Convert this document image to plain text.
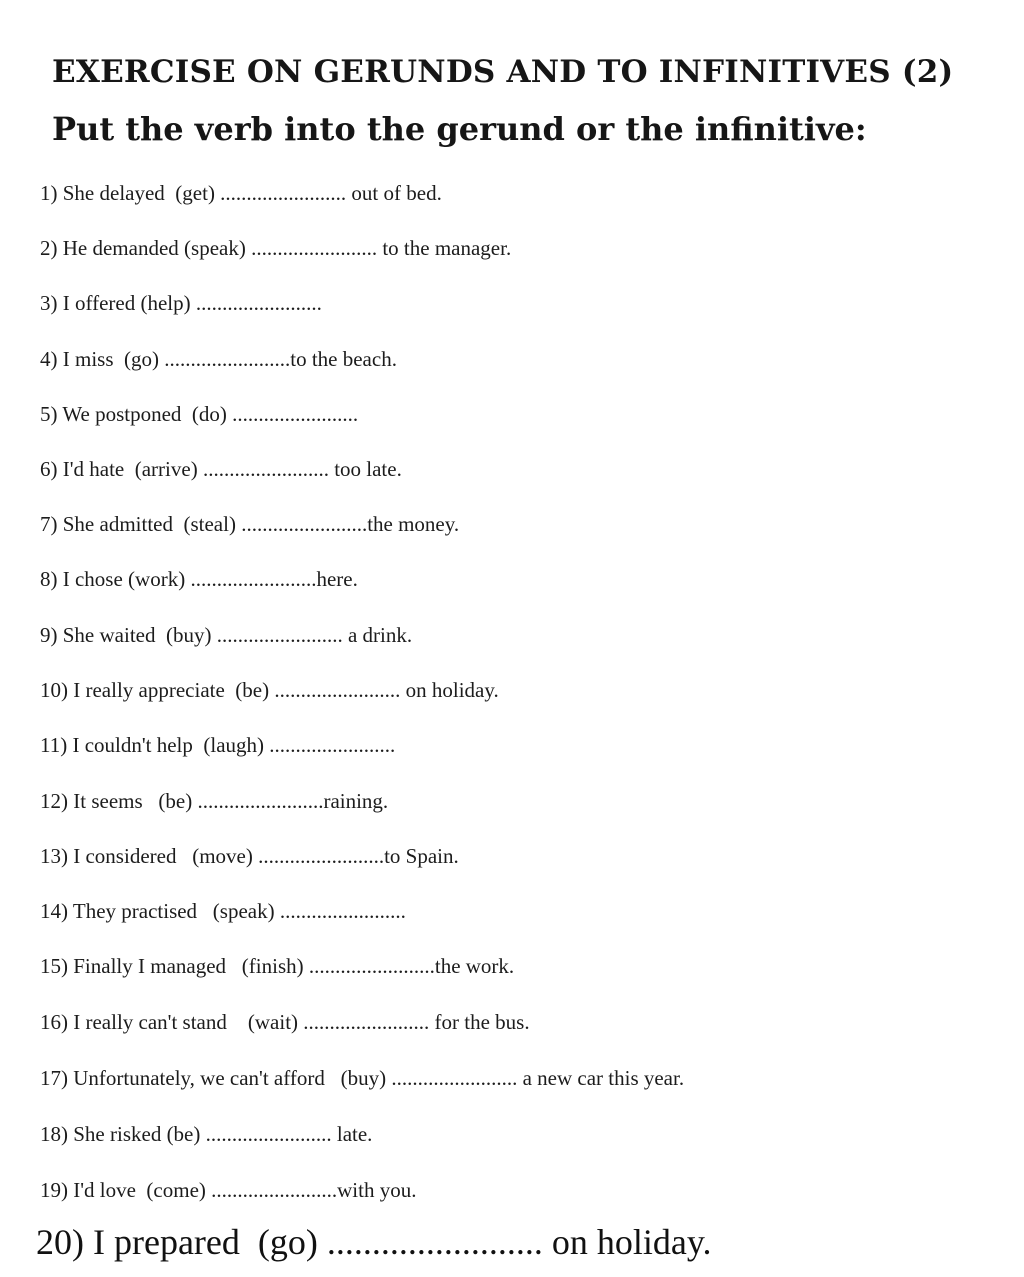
EXERCISE ON GERUNDS AND TO INFINITIVES (2)
Put the verb into the gerund or the infinitive:
1) She delayed  (get) ........................ out of bed.
2) He demanded (speak) ........................ to the manager.
3) I offered (help) ........................
4) I miss  (go) ........................to the beach.
5) We postponed  (do) ........................
6) I'd hate  (arrive) ........................ too late.
7) She admitted  (steal) ........................the money.
8) I chose (work) ........................here.
9) She waited  (buy) ........................ a drink.
10) I really appreciate  (be) ........................ on holiday.
11) I couldn't help  (laugh) ........................
12) It seems   (be) ........................raining.
13) I considered   (move) ........................to Spain.
14) They practised   (speak) ........................
15) Finally I managed   (finish) ........................the work.
16) I really can't stand    (wait) ........................ for the bus.
17) Unfortunately, we can't afford   (buy) ........................ a new car this year.
18) She risked (be) ........................ late.
19) I'd love  (come) ........................with you.
20) I prepared  (go) ........................ on holiday.
